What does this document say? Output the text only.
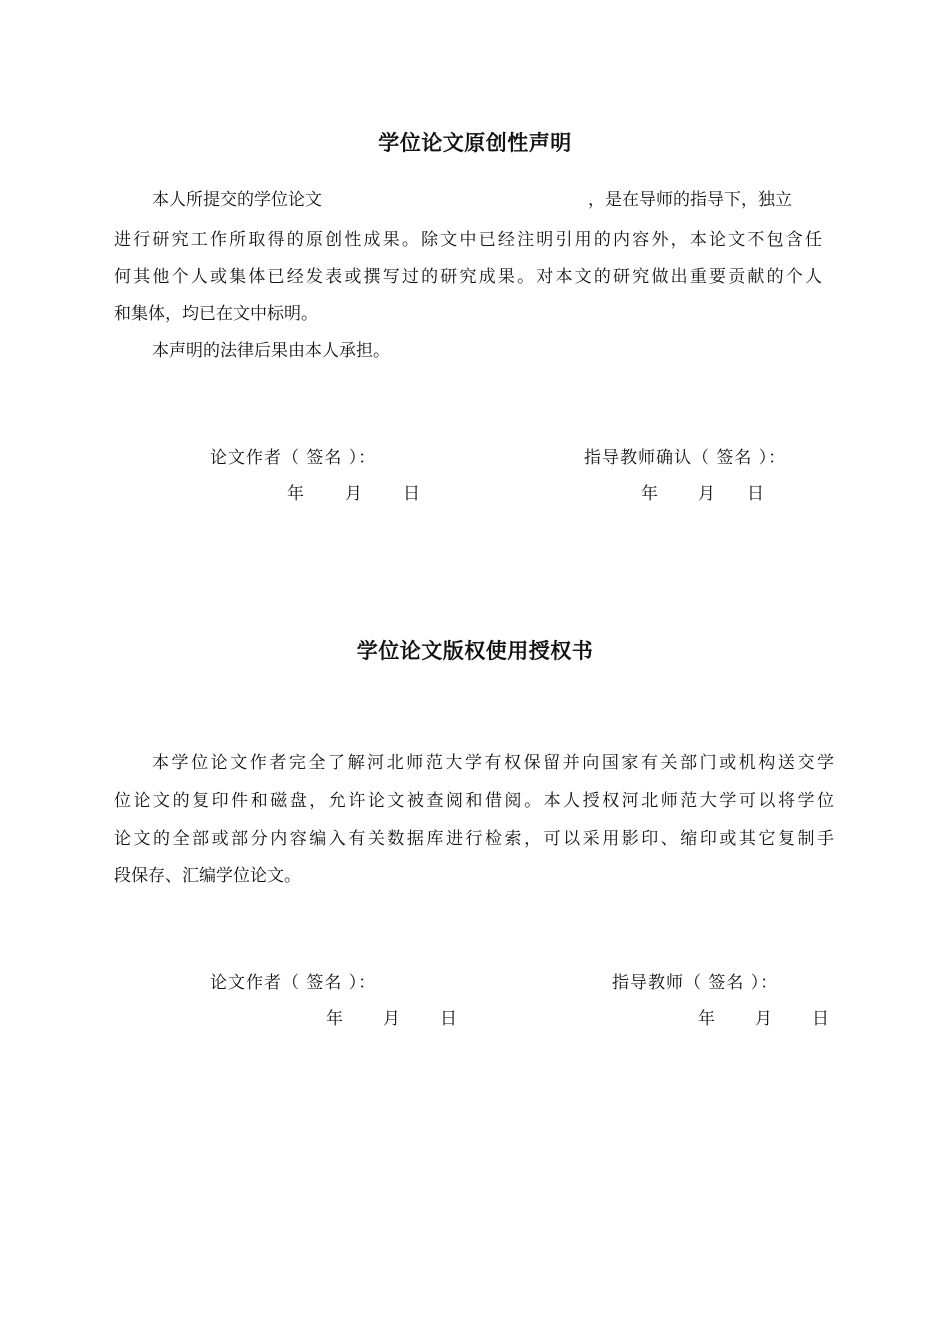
学位论文原创性声明
本人所提交的学位论文	，是在导师的指导下，独立
进行研究工作所取得的原创性成果。除文中已经注明引用的内容外，本论文不包含任
何其他个人或集体已经发表或撰写过的研究成果。对本文的研究做出重要贡献的个人
和集体，均已在文中标明。
本声明的法律后果由本人承担。
论文作者（ 签名 ）：	指导教师确认（ 签名 ）：
年	月	日	年	月	日
学位论文版权使用授权书
本学位论文作者完全了解河北师范大学有权保留并向国家有关部门或机构送交学
位论文的复印件和磁盘，允许论文被查阅和借阅。本人授权河北师范大学可以将学位
论文的全部或部分内容编入有关数据库进行检索，可以采用影印、缩印或其它复制手
段保存、汇编学位论文。
论文作者（ 签名 ）：	指导教师（ 签名 ）：
年	月	日	年	月	日
